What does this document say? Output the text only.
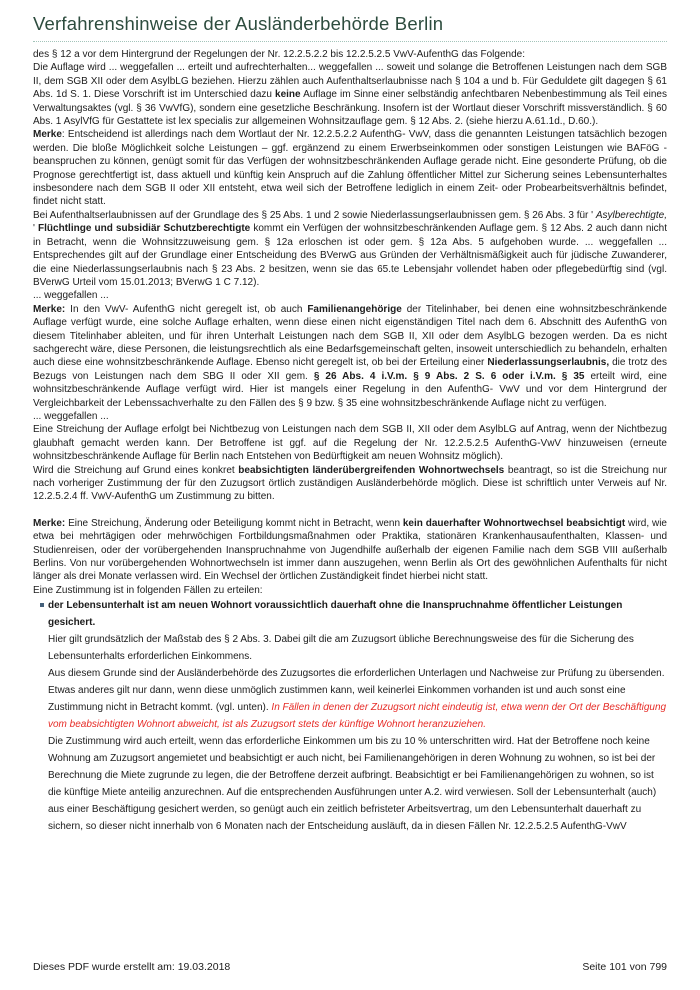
Verfahrenshinweise der Ausländerbehörde Berlin

des § 12 a vor dem Hintergrund der Regelungen der Nr. 12.2.5.2.2 bis 12.2.5.2.5 VwV-AufenthG das Folgende:

Die Auflage wird ... weggefallen ... erteilt und aufrechterhalten... weggefallen ... soweit und solange die Betroffenen Leistungen nach dem SGB II, dem SGB XII oder dem AsylbLG beziehen. Hierzu zählen auch Aufenthaltserlaubnisse nach § 104 a und b. Für Geduldete gilt dagegen § 61 Abs. 1d S. 1. Diese Vorschrift ist im Unterschied dazu keine Auflage im Sinne einer selbständig anfechtbaren Nebenbestimmung als Teil eines Verwaltungsaktes (vgl. § 36 VwVfG), sondern eine gesetzliche Beschränkung. Insofern ist der Wortlaut dieser Vorschrift missverständlich. § 60 Abs. 1 AsylVfG für Gestattete ist lex specialis zur allgemeinen Wohnsitzauflage gem. § 12 Abs. 2. (siehe hierzu A.61.1d., D.60.).

Merke: Entscheidend ist allerdings nach dem Wortlaut der Nr. 12.2.5.2.2 AufenthG- VwV, dass die genannten Leistungen tatsächlich bezogen werden. Die bloße Möglichkeit solche Leistungen – ggf. ergänzend zu einem Erwerbseinkommen oder sonstigen Leistungen wie BAFöG - beanspruchen zu können, genügt somit für das Verfügen der wohnsitzbeschränkenden Auflage gerade nicht. Eine gesonderte Prüfung, ob die Prognose gerechtfertigt ist, dass aktuell und künftig kein Anspruch auf die Zahlung öffentlicher Mittel zur Sicherung seines Lebensunterhaltes insbesondere nach dem SGB II oder XII entsteht, etwa weil sich der Betroffene lediglich in einem Zeit- oder Probearbeitsverhältnis befindet, findet nicht statt.

Bei Aufenthaltserlaubnissen auf der Grundlage des § 25 Abs. 1 und 2 sowie Niederlassungserlaubnissen gem. § 26 Abs. 3 für ' Asylberechtigte, ' Flüchtlinge und subsidiär Schutzberechtigte kommt ein Verfügen der wohnsitzbeschränkenden Auflage gem. § 12 Abs. 2 auch dann nicht in Betracht, wenn die Wohnsitzzuweisung gem. § 12a erloschen ist oder gem. § 12a Abs. 5 aufgehoben wurde. ... weggefallen ... Entsprechendes gilt auf der Grundlage einer Entscheidung des BVerwG aus Gründen der Verhältnismäßigkeit auch für jüdische Zuwanderer, die eine Niederlassungserlaubnis nach § 23 Abs. 2 besitzen, wenn sie das 65.te Lebensjahr vollendet haben oder pflegebedürftig sind (vgl. BVerwG Urteil vom 15.01.2013; BVerwG 1 C 7.12).

... weggefallen ...

Merke: In den VwV- AufenthG nicht geregelt ist, ob auch Familienangehörige der Titelinhaber, bei denen eine wohnsitzbeschränkende Auflage verfügt wurde, eine solche Auflage erhalten, wenn diese einen nicht eigenständigen Titel nach dem 6. Abschnitt des AufenthG von diesem Titelinhaber ableiten, und für ihren Unterhalt Leistungen nach dem SGB II, XII oder dem AsylbLG bezogen werden. Da es nicht sachgerecht wäre, diese Personen, die leistungsrechtlich als eine Bedarfsgemeinschaft gelten, insoweit unterschiedlich zu behandeln, erhalten auch diese eine wohnsitzbeschränkende Auflage. Ebenso nicht geregelt ist, ob bei der Erteilung einer Niederlassungserlaubnis, die trotz des Bezugs von Leistungen nach dem SBG II oder XII gem. § 26 Abs. 4 i.V.m. § 9 Abs. 2 S. 6 oder i.V.m. § 35 erteilt wird, eine wohnsitzbeschränkende Auflage verfügt wird. Hier ist mangels einer Regelung in den AufenthG- VwV und vor dem Hintergrund der Vergleichbarkeit der Lebenssachverhalte zu den Fällen des § 9 bzw. § 35 eine wohnsitzbeschränkende Auflage nicht zu verfügen.

... weggefallen ...

Eine Streichung der Auflage erfolgt bei Nichtbezug von Leistungen nach dem SGB II, XII oder dem AsylbLG auf Antrag, wenn der Nichtbezug glaubhaft gemacht werden kann. Der Betroffene ist ggf. auf die Regelung der Nr. 12.2.5.2.5 AufenthG-VwV hinzuweisen (erneute wohnsitzbeschränkende Auflage für Berlin nach Entstehen von Bedürftigkeit am neuen Wohnsitz möglich).

Wird die Streichung auf Grund eines konkret beabsichtigten länderübergreifenden Wohnortwechsels beantragt, so ist die Streichung nur nach vorheriger Zustimmung der für den Zuzugsort örtlich zuständigen Ausländerbehörde möglich. Diese ist schriftlich unter Verweis auf Nr. 12.2.5.2.4 ff. VwV-AufenthG um Zustimmung zu bitten.

Merke: Eine Streichung, Änderung oder Beteiligung kommt nicht in Betracht, wenn kein dauerhafter Wohnortwechsel beabsichtigt wird, wie etwa bei mehrtägigen oder mehrwöchigen Fortbildungsmaßnahmen oder Praktika, stationären Krankenhausaufenthalten, Klassen- und Studienreisen, oder der vorübergehenden Inanspruchnahme von Jugendhilfe außerhalb der eigenen Familie nach dem SGB VIII außerhalb Berlins. Von nur vorübergehenden Wohnortwechseln ist immer dann auszugehen, wenn Berlin als Ort des gewöhnlichen Aufenthalts für nicht länger als drei Monate verlassen wird. Ein Wechsel der örtlichen Zuständigkeit findet hierbei nicht statt.

Eine Zustimmung ist in folgenden Fällen zu erteilen:

der Lebensunterhalt ist am neuen Wohnort voraussichtlich dauerhaft ohne die Inanspruchnahme öffentlicher Leistungen gesichert.

Hier gilt grundsätzlich der Maßstab des § 2 Abs. 3. Dabei gilt die am Zuzugsort übliche Berechnungsweise des für die Sicherung des Lebensunterhalts erforderlichen Einkommens.

Aus diesem Grunde sind der Ausländerbehörde des Zuzugsortes die erforderlichen Unterlagen und Nachweise zur Prüfung zu übersenden. Etwas anderes gilt nur dann, wenn diese unmöglich zustimmen kann, weil keinerlei Einkommen vorhanden ist und auch sonst eine Zustimmung nicht in Betracht kommt. (vgl. unten). In Fällen in denen der Zuzugsort nicht eindeutig ist, etwa wenn der Ort der Beschäftigung vom beabsichtigten Wohnort abweicht, ist als Zuzugsort stets der künftige Wohnort heranzuziehen.

Die Zustimmung wird auch erteilt, wenn das erforderliche Einkommen um bis zu 10 % unterschritten wird. Hat der Betroffene noch keine Wohnung am Zuzugsort angemietet und beabsichtigt er auch nicht, bei Familienangehörigen in deren Wohnung zu wohnen, so ist bei der Berechnung die Miete zugrunde zu legen, die der Betroffene derzeit aufbringt. Beabsichtigt er bei Familienangehörigen zu wohnen, so ist die künftige Miete anteilig anzurechnen. Auf die entsprechenden Ausführungen unter A.2. wird verwiesen. Soll der Lebensunterhalt (auch) aus einer Beschäftigung gesichert werden, so genügt auch ein zeitlich befristeter Arbeitsvertrag, um den Lebensunterhalt dauerhaft zu sichern, so dieser nicht innerhalb von 6 Monaten nach der Entscheidung ausläuft, da in diesen Fällen Nr. 12.2.5.2.5 AufenthG-VwV

Dieses PDF wurde erstellt am: 19.03.2018	Seite 101 von 799
